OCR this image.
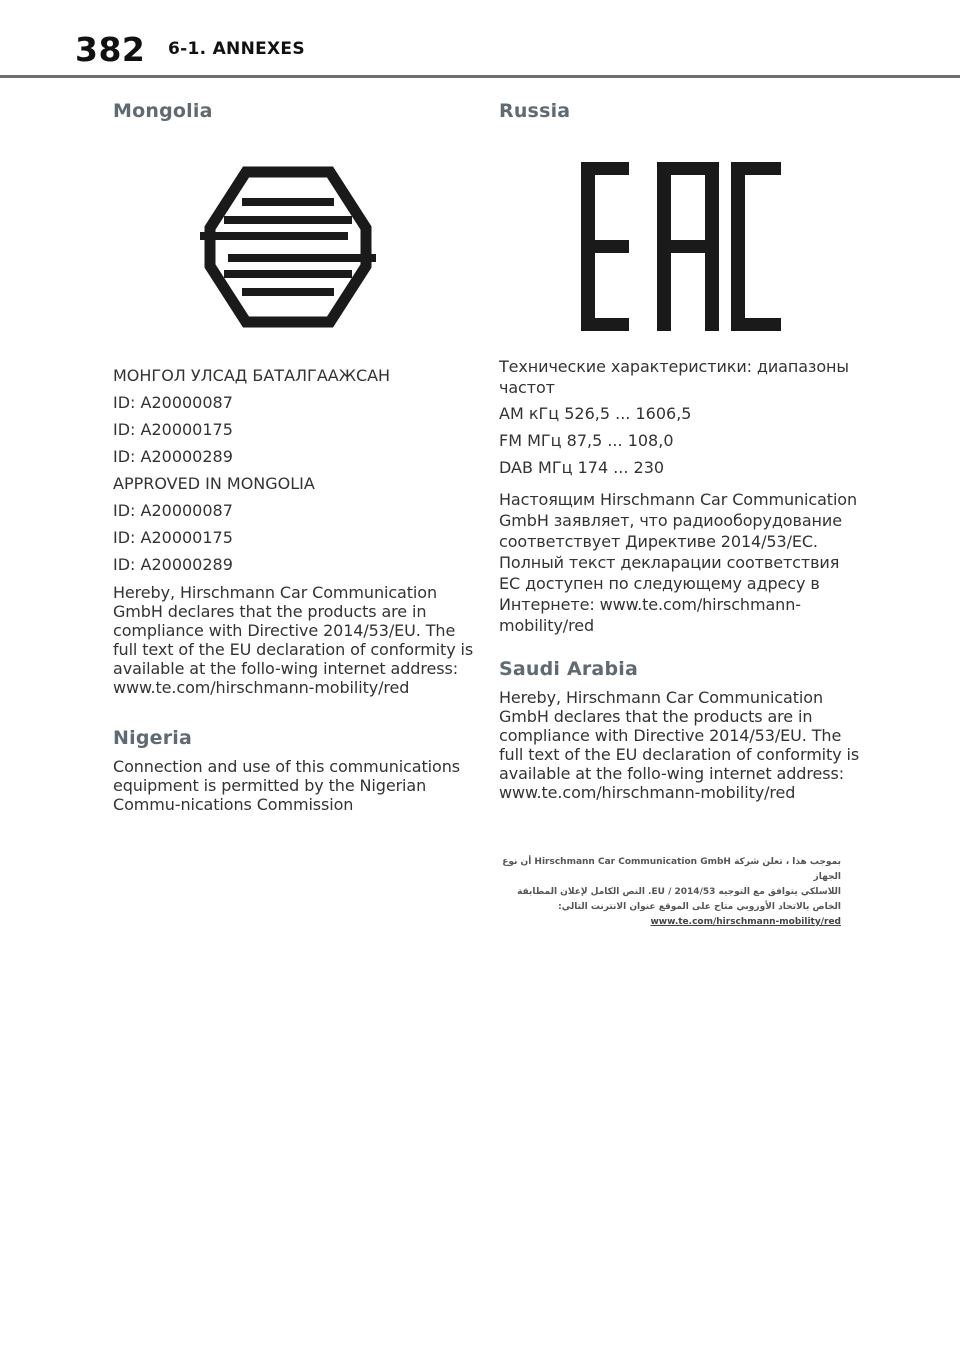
382 6-1. ANNEXES
Mongolia
МОНГОЛ УЛСАД БАТАЛГААЖСАН
ID: A20000087
ID: A20000175
ID: A20000289
APPROVED IN MONGOLIA
ID: A20000087
ID: A20000175
ID: A20000289

Hereby, Hirschmann Car Communication GmbH declares that the products are in compliance with Directive 2014/53/EU. The full text of the EU declaration of conformity is available at the follo-wing internet address: www.te.com/hirschmann-mobility/red

Nigeria

Connection and use of this communications equipment is permitted by the Nigerian Commu-nications Commission

Russia

Технические характеристики: диапазоны частот

AM кГц 526,5 ... 1606,5
FM МГц 87,5 ... 108,0
DAB МГц 174 ... 230

Настоящим Hirschmann Car Communication GmbH заявляет, что радиооборудование соответствует Директиве 2014/53/ЕС. Полный текст декларации соответствия ЕС доступен по следующему адресу в Интернете: www.te.com/hirschmann-mobility/red

Saudi Arabia

Hereby, Hirschmann Car Communication GmbH declares that the products are in compliance with Directive 2014/53/EU. The full text of the EU declaration of conformity is available at the follo-wing internet address: www.te.com/hirschmann-mobility/red

بموجب هذا ، تعلن شركة Hirschmann Car Communication GmbH أن نوع الجهاز
اللاسلكي يتوافق مع التوجيه 2014/53 / EU. النص الكامل لإعلان المطابقة
الخاص بالاتحاد الأوروبي متاح على الموقع عنوان الانترنت التالي:
www.te.com/hirschmann-mobility/red
